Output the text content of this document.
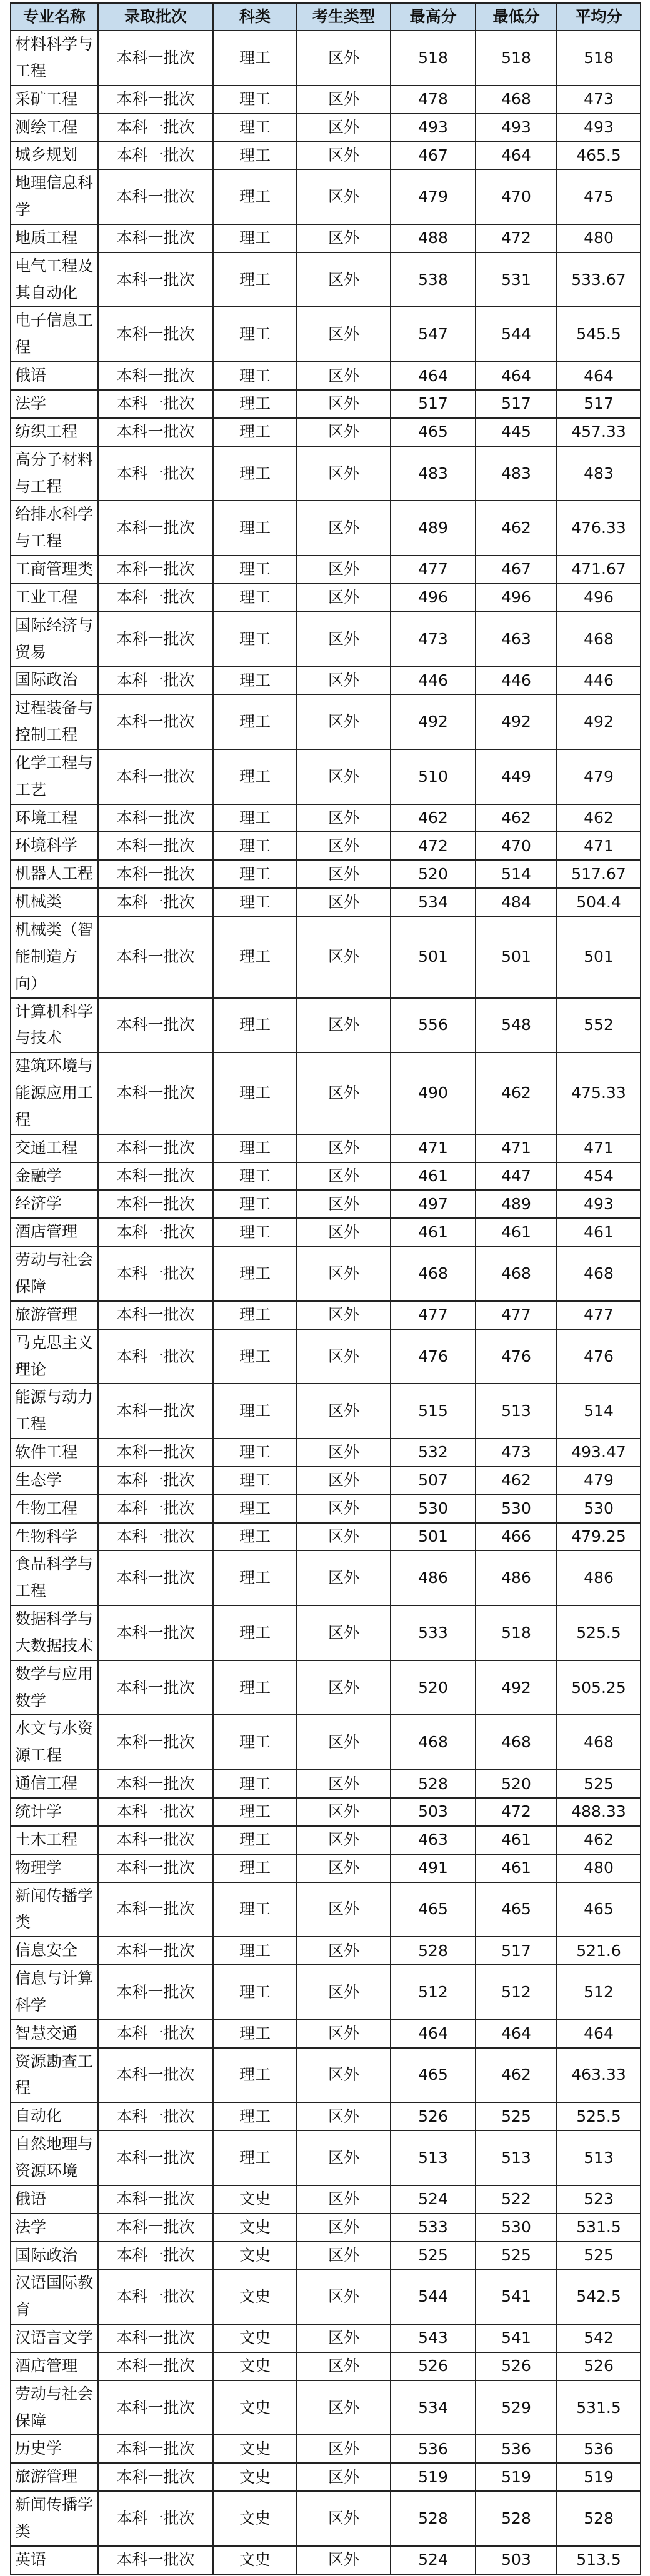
专业名称	录取批次	科类	考生类型	最高分	最低分	平均分
材料科学与工程	本科一批次	理工	区外	518	518	518
采矿工程	本科一批次	理工	区外	478	468	473
测绘工程	本科一批次	理工	区外	493	493	493
城乡规划	本科一批次	理工	区外	467	464	465.5
地理信息科学	本科一批次	理工	区外	479	470	475
地质工程	本科一批次	理工	区外	488	472	480
电气工程及其自动化	本科一批次	理工	区外	538	531	533.67
电子信息工程	本科一批次	理工	区外	547	544	545.5
俄语	本科一批次	理工	区外	464	464	464
法学	本科一批次	理工	区外	517	517	517
纺织工程	本科一批次	理工	区外	465	445	457.33
高分子材料与工程	本科一批次	理工	区外	483	483	483
给排水科学与工程	本科一批次	理工	区外	489	462	476.33
工商管理类	本科一批次	理工	区外	477	467	471.67
工业工程	本科一批次	理工	区外	496	496	496
国际经济与贸易	本科一批次	理工	区外	473	463	468
国际政治	本科一批次	理工	区外	446	446	446
过程装备与控制工程	本科一批次	理工	区外	492	492	492
化学工程与工艺	本科一批次	理工	区外	510	449	479
环境工程	本科一批次	理工	区外	462	462	462
环境科学	本科一批次	理工	区外	472	470	471
机器人工程	本科一批次	理工	区外	520	514	517.67
机械类	本科一批次	理工	区外	534	484	504.4
机械类（智能制造方向）	本科一批次	理工	区外	501	501	501
计算机科学与技术	本科一批次	理工	区外	556	548	552
建筑环境与能源应用工程	本科一批次	理工	区外	490	462	475.33
交通工程	本科一批次	理工	区外	471	471	471
金融学	本科一批次	理工	区外	461	447	454
经济学	本科一批次	理工	区外	497	489	493
酒店管理	本科一批次	理工	区外	461	461	461
劳动与社会保障	本科一批次	理工	区外	468	468	468
旅游管理	本科一批次	理工	区外	477	477	477
马克思主义理论	本科一批次	理工	区外	476	476	476
能源与动力工程	本科一批次	理工	区外	515	513	514
软件工程	本科一批次	理工	区外	532	473	493.47
生态学	本科一批次	理工	区外	507	462	479
生物工程	本科一批次	理工	区外	530	530	530
生物科学	本科一批次	理工	区外	501	466	479.25
食品科学与工程	本科一批次	理工	区外	486	486	486
数据科学与大数据技术	本科一批次	理工	区外	533	518	525.5
数学与应用数学	本科一批次	理工	区外	520	492	505.25
水文与水资源工程	本科一批次	理工	区外	468	468	468
通信工程	本科一批次	理工	区外	528	520	525
统计学	本科一批次	理工	区外	503	472	488.33
土木工程	本科一批次	理工	区外	463	461	462
物理学	本科一批次	理工	区外	491	461	480
新闻传播学类	本科一批次	理工	区外	465	465	465
信息安全	本科一批次	理工	区外	528	517	521.6
信息与计算科学	本科一批次	理工	区外	512	512	512
智慧交通	本科一批次	理工	区外	464	464	464
资源勘查工程	本科一批次	理工	区外	465	462	463.33
自动化	本科一批次	理工	区外	526	525	525.5
自然地理与资源环境	本科一批次	理工	区外	513	513	513
俄语	本科一批次	文史	区外	524	522	523
法学	本科一批次	文史	区外	533	530	531.5
国际政治	本科一批次	文史	区外	525	525	525
汉语国际教育	本科一批次	文史	区外	544	541	542.5
汉语言文学	本科一批次	文史	区外	543	541	542
酒店管理	本科一批次	文史	区外	526	526	526
劳动与社会保障	本科一批次	文史	区外	534	529	531.5
历史学	本科一批次	文史	区外	536	536	536
旅游管理	本科一批次	文史	区外	519	519	519
新闻传播学类	本科一批次	文史	区外	528	528	528
英语	本科一批次	文史	区外	524	503	513.5
